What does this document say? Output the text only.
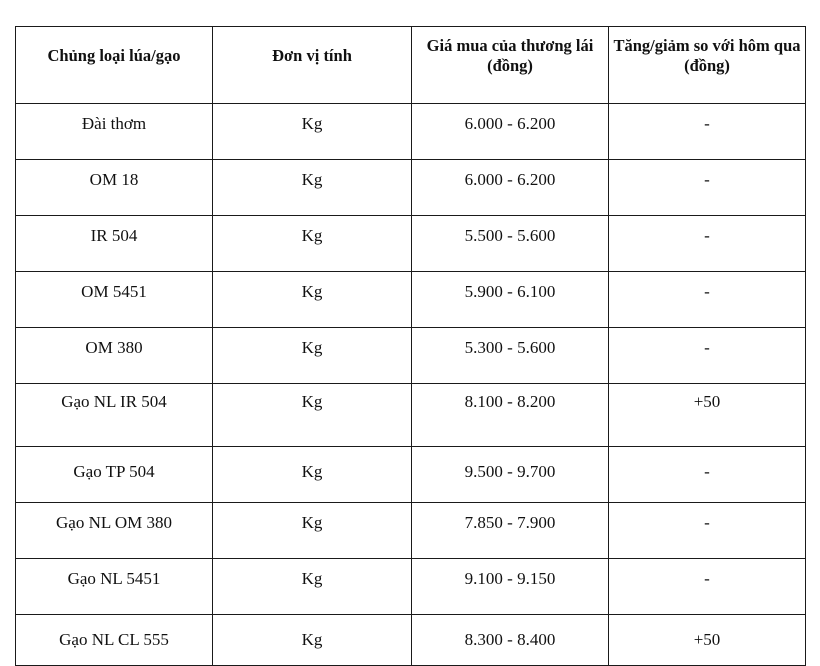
Chủng loại lúa/gạo	Đơn vị tính	Giá mua của thương lái (đồng)	Tăng/giảm so với hôm qua (đồng)

Đài thơm	Kg	6.000 - 6.200	-

OM 18	Kg	6.000 - 6.200	-

IR 504	Kg	5.500 - 5.600	-

OM 5451	Kg	5.900 - 6.100	-

OM 380	Kg	5.300 - 5.600	-

Gạo NL IR 504	Kg	8.100 - 8.200	+50

Gạo TP 504	Kg	9.500 - 9.700	-

Gạo NL OM 380	Kg	7.850 - 7.900	-

Gạo NL 5451	Kg	9.100 - 9.150	-

Gạo NL CL 555	Kg	8.300 - 8.400	+50
